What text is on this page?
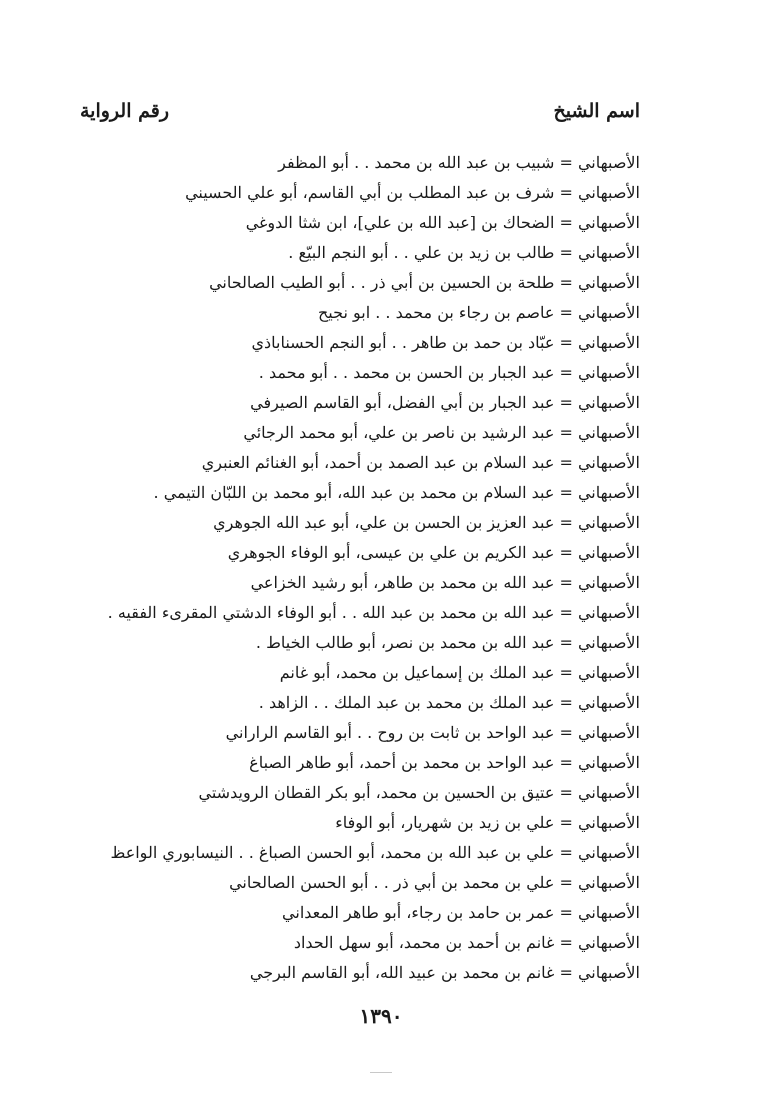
اسم الشيخ
رقم الرواية
الأصبهاني = شبيب بن عبد الله بن محمد . . أبو المظفر
الأصبهاني = شرف بن عبد المطلب بن أبي القاسم، أبو علي الحسيني
الأصبهاني = الضحاك بن [عبد الله بن علي]، ابن شثا الدوغي
الأصبهاني = طالب بن زيد بن علي . . أبو النجم البيّع .
الأصبهاني = طلحة بن الحسين بن أبي ذر . . أبو الطيب الصالحاني
الأصبهاني = عاصم بن رجاء بن محمد . . ابو نجيح
الأصبهاني = عبّاد بن حمد بن طاهر . . أبو النجم الحسناباذي
الأصبهاني = عبد الجبار بن الحسن بن محمد . . أبو محمد .
الأصبهاني = عبد الجبار بن أبي الفضل، أبو القاسم الصيرفي
الأصبهاني = عبد الرشيد بن ناصر بن علي، أبو محمد الرجائي
الأصبهاني = عبد السلام بن عبد الصمد بن أحمد، أبو الغنائم العنبري
الأصبهاني = عبد السلام بن محمد بن عبد الله، أبو محمد بن اللبّان التيمي .
الأصبهاني = عبد العزيز بن الحسن بن علي، أبو عبد الله الجوهري
الأصبهاني = عبد الكريم بن علي بن عيسى، أبو الوفاء الجوهري
الأصبهاني = عبد الله بن محمد بن طاهر، أبو رشيد الخزاعي
الأصبهاني = عبد الله بن محمد بن عبد الله . . أبو الوفاء الدشتي المقرىء الفقيه .
الأصبهاني = عبد الله بن محمد بن نصر، أبو طالب الخياط .
الأصبهاني = عبد الملك بن إسماعيل بن محمد، أبو غانم
الأصبهاني = عبد الملك بن محمد بن عبد الملك . . الزاهد .
الأصبهاني = عبد الواحد بن ثابت بن روح . . أبو القاسم الراراني
الأصبهاني = عبد الواحد بن محمد بن أحمد، أبو طاهر الصباغ
الأصبهاني = عتيق بن الحسين بن محمد، أبو بكر القطان الرويدشتي
الأصبهاني = علي بن زيد بن شهريار، أبو الوفاء
الأصبهاني = علي بن عبد الله بن محمد، أبو الحسن الصباغ . . النيسابوري الواعظ
الأصبهاني = علي بن محمد بن أبي ذر . . أبو الحسن الصالحاني
الأصبهاني = عمر بن حامد بن رجاء، أبو طاهر المعداني
الأصبهاني = غانم بن أحمد بن محمد، أبو سهل الحداد
الأصبهاني = غانم بن محمد بن عبيد الله، أبو القاسم البرجي
١٣٩٠
